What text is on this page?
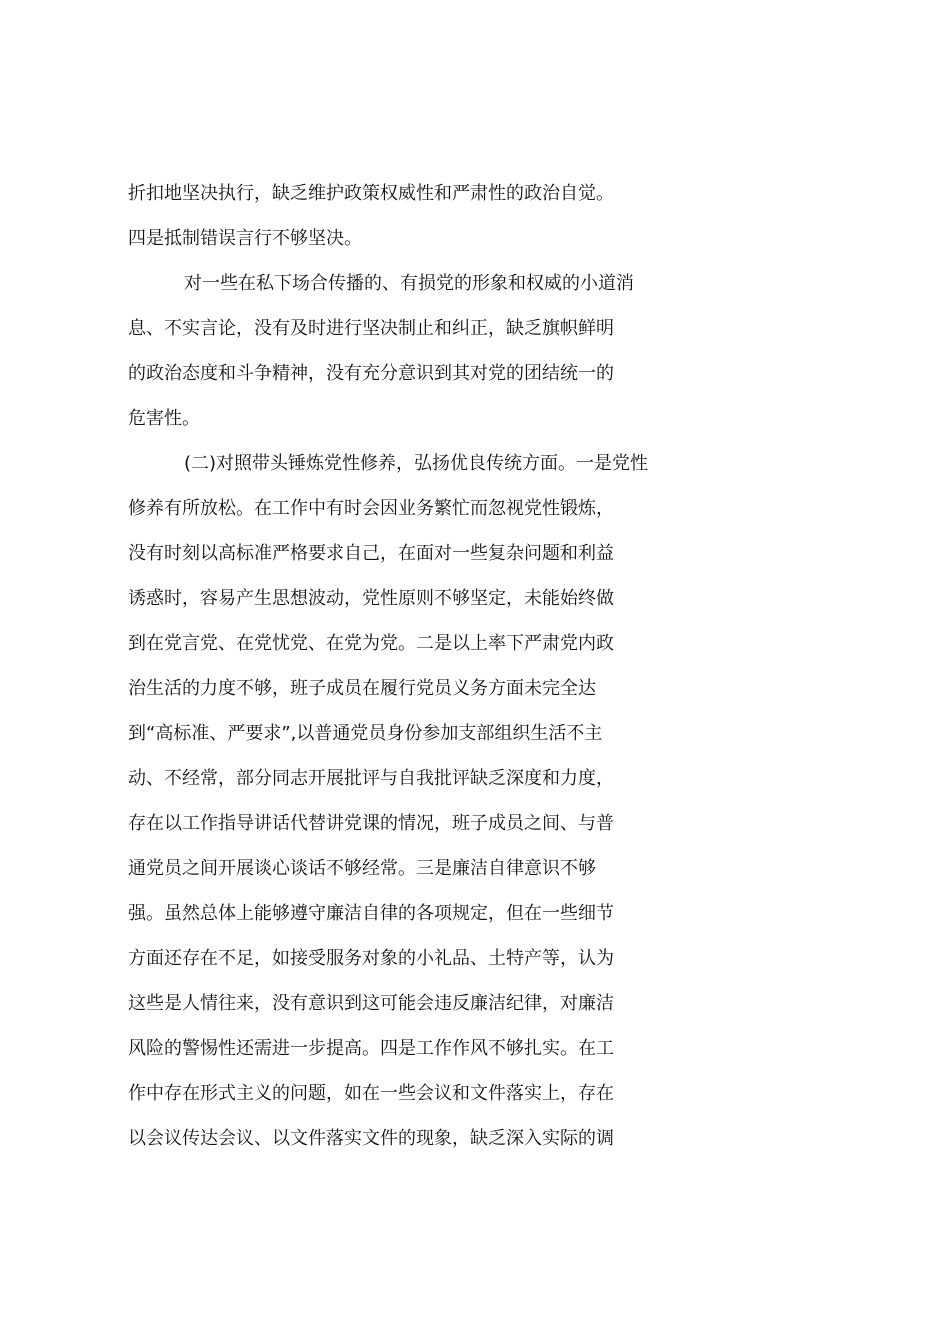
折扣地坚决执行，缺乏维护政策权威性和严肃性的政治自觉。
四是抵制错误言行不够坚决。
对一些在私下场合传播的、有损党的形象和权威的小道消
息、不实言论，没有及时进行坚决制止和纠正，缺乏旗帜鲜明
的政治态度和斗争精神，没有充分意识到其对党的团结统一的
危害性。
(二)对照带头锤炼党性修养，弘扬优良传统方面。一是党性
修养有所放松。在工作中有时会因业务繁忙而忽视党性锻炼，
没有时刻以高标准严格要求自己，在面对一些复杂问题和利益
诱惑时，容易产生思想波动，党性原则不够坚定，未能始终做
到在党言党、在党忧党、在党为党。二是以上率下严肃党内政
治生活的力度不够，班子成员在履行党员义务方面未完全达
到“高标准、严要求”,以普通党员身份参加支部组织生活不主
动、不经常，部分同志开展批评与自我批评缺乏深度和力度，
存在以工作指导讲话代替讲党课的情况，班子成员之间、与普
通党员之间开展谈心谈话不够经常。三是廉洁自律意识不够
强。虽然总体上能够遵守廉洁自律的各项规定，但在一些细节
方面还存在不足，如接受服务对象的小礼品、土特产等，认为
这些是人情往来，没有意识到这可能会违反廉洁纪律，对廉洁
风险的警惕性还需进一步提高。四是工作作风不够扎实。在工
作中存在形式主义的问题，如在一些会议和文件落实上，存在
以会议传达会议、以文件落实文件的现象，缺乏深入实际的调
